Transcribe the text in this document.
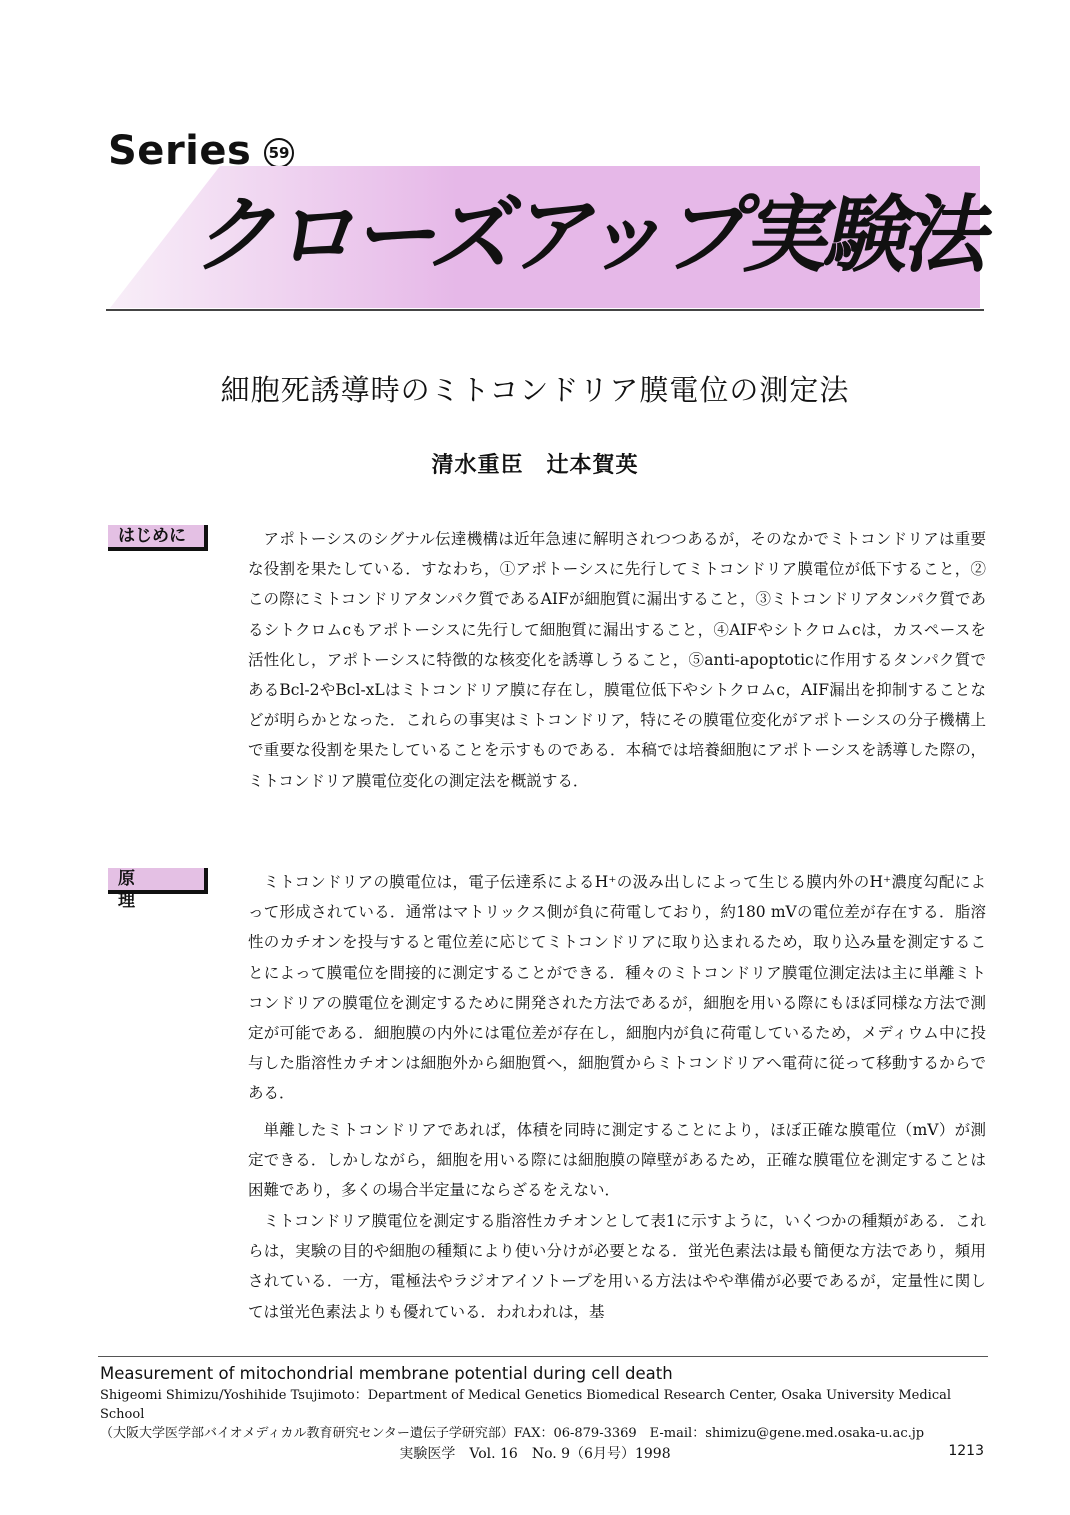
Series	59
クローズアップ実験法
細胞死誘導時のミトコンドリア膜電位の測定法
清水重臣　辻本賀英
はじめに	アポトーシスのシグナル伝達機構は近年急速に解明されつつあるが，そのなかでミトコンドリアは重要な役割を果たしている．すなわち，①アポトーシスに先行してミトコンドリア膜電位が低下すること，②この際にミトコンドリアタンパク質であるAIFが細胞質に漏出すること，③ミトコンドリアタンパク質であるシトクロムcもアポトーシスに先行して細胞質に漏出すること，④AIFやシトクロムcは，カスペースを活性化し，アポトーシスに特徴的な核変化を誘導しうること，⑤anti-apoptoticに作用するタンパク質であるBcl-2やBcl-xLはミトコンドリア膜に存在し，膜電位低下やシトクロムc，AIF漏出を抑制することなどが明らかとなった．これらの事実はミトコンドリア，特にその膜電位変化がアポトーシスの分子機構上で重要な役割を果たしていることを示すものである．本稿では培養細胞にアポトーシスを誘導した際の，ミトコンドリア膜電位変化の測定法を概説する．

原理

ミトコンドリアの膜電位は，電子伝達系によるH⁺の汲み出しによって生じる膜内外のH⁺濃度勾配によって形成されている．通常はマトリックス側が負に荷電しており，約180 mVの電位差が存在する．脂溶性のカチオンを投与すると電位差に応じてミトコンドリアに取り込まれるため，取り込み量を測定することによって膜電位を間接的に測定することができる．種々のミトコンドリア膜電位測定法は主に単離ミトコンドリアの膜電位を測定するために開発された方法であるが，細胞を用いる際にもほぼ同様な方法で測定が可能である．細胞膜の内外には電位差が存在し，細胞内が負に荷電しているため，メディウム中に投与した脂溶性カチオンは細胞外から細胞質へ，細胞質からミトコンドリアへ電荷に従って移動するからである．

単離したミトコンドリアであれば，体積を同時に測定することにより，ほぼ正確な膜電位（mV）が測定できる．しかしながら，細胞を用いる際には細胞膜の障壁があるため，正確な膜電位を測定することは困難であり，多くの場合半定量にならざるをえない．

ミトコンドリア膜電位を測定する脂溶性カチオンとして表1に示すように，いくつかの種類がある．これらは，実験の目的や細胞の種類により使い分けが必要となる．蛍光色素法は最も簡便な方法であり，頻用されている．一方，電極法やラジオアイソトープを用いる方法はやや準備が必要であるが，定量性に関しては蛍光色素法よりも優れている．われわれは，基

Measurement of mitochondrial membrane potential during cell death
Shigeomi Shimizu/Yoshihide Tsujimoto：Department of Medical Genetics Biomedical Research Center, Osaka University Medical School
（大阪大学医学部バイオメディカル教育研究センター遺伝子学研究部）FAX：06-879-3369　E-mail：shimizu@gene.med.osaka-u.ac.jp
実験医学　Vol. 16　No. 9（6月号）1998	1213
